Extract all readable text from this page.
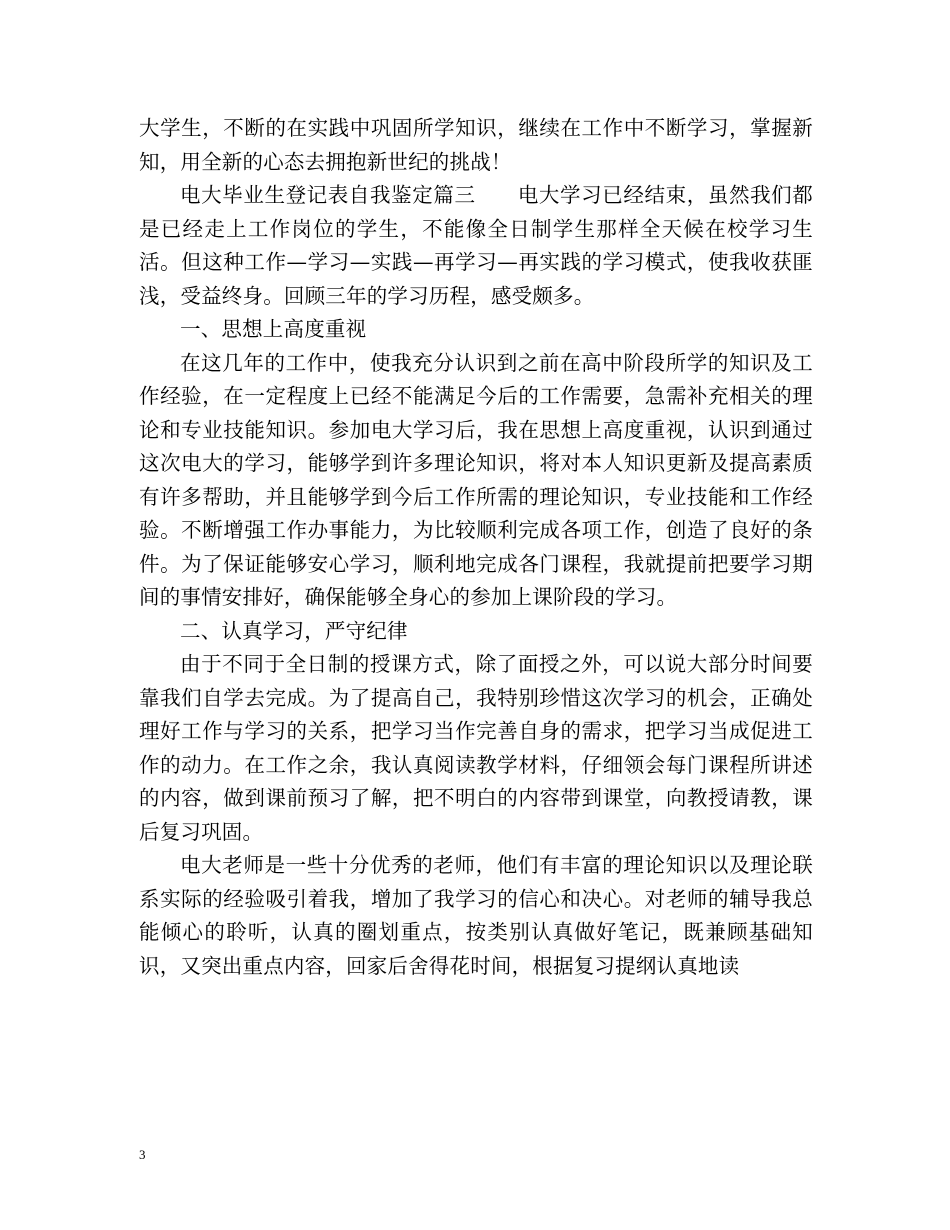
大学生，不断的在实践中巩固所学知识，继续在工作中不断学习，掌握新知，用全新的心态去拥抱新世纪的挑战！

电大毕业生登记表自我鉴定篇三　　电大学习已经结束，虽然我们都是已经走上工作岗位的学生，不能像全日制学生那样全天候在校学习生活。但这种工作—学习—实践—再学习—再实践的学习模式，使我收获匪浅，受益终身。回顾三年的学习历程，感受颇多。

一、思想上高度重视

在这几年的工作中，使我充分认识到之前在高中阶段所学的知识及工作经验，在一定程度上已经不能满足今后的工作需要，急需补充相关的理论和专业技能知识。参加电大学习后，我在思想上高度重视，认识到通过这次电大的学习，能够学到许多理论知识，将对本人知识更新及提高素质有许多帮助，并且能够学到今后工作所需的理论知识，专业技能和工作经验。不断增强工作办事能力，为比较顺利完成各项工作，创造了良好的条件。为了保证能够安心学习，顺利地完成各门课程，我就提前把要学习期间的事情安排好，确保能够全身心的参加上课阶段的学习。

二、认真学习，严守纪律

由于不同于全日制的授课方式，除了面授之外，可以说大部分时间要靠我们自学去完成。为了提高自己，我特别珍惜这次学习的机会，正确处理好工作与学习的关系，把学习当作完善自身的需求，把学习当成促进工作的动力。在工作之余，我认真阅读教学材料，仔细领会每门课程所讲述的内容，做到课前预习了解，把不明白的内容带到课堂，向教授请教，课后复习巩固。

电大老师是一些十分优秀的老师，他们有丰富的理论知识以及理论联系实际的经验吸引着我，增加了我学习的信心和决心。对老师的辅导我总能倾心的聆听，认真的圈划重点，按类别认真做好笔记，既兼顾基础知识，又突出重点内容，回家后舍得花时间，根据复习提纲认真地读

3
